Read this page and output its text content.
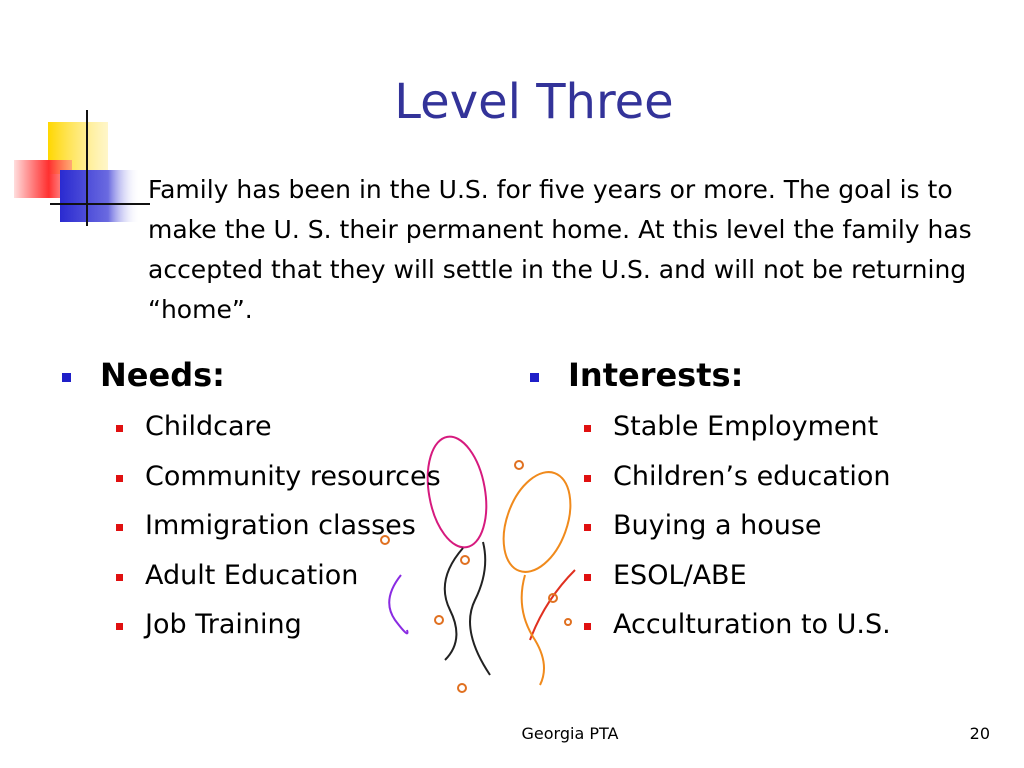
Level Three

Family has been in the U.S. for five years or more. The goal is to make the U. S. their permanent home. At this level the family has accepted that they will settle in the U.S. and will not be returning “home”.

Needs:
Childcare
Community resources
Immigration classes
Adult Education
Job Training
Interests:
Stable Employment
Children’s education
Buying a house
ESOL/ABE
Acculturation to U.S.
Georgia PTA	20
